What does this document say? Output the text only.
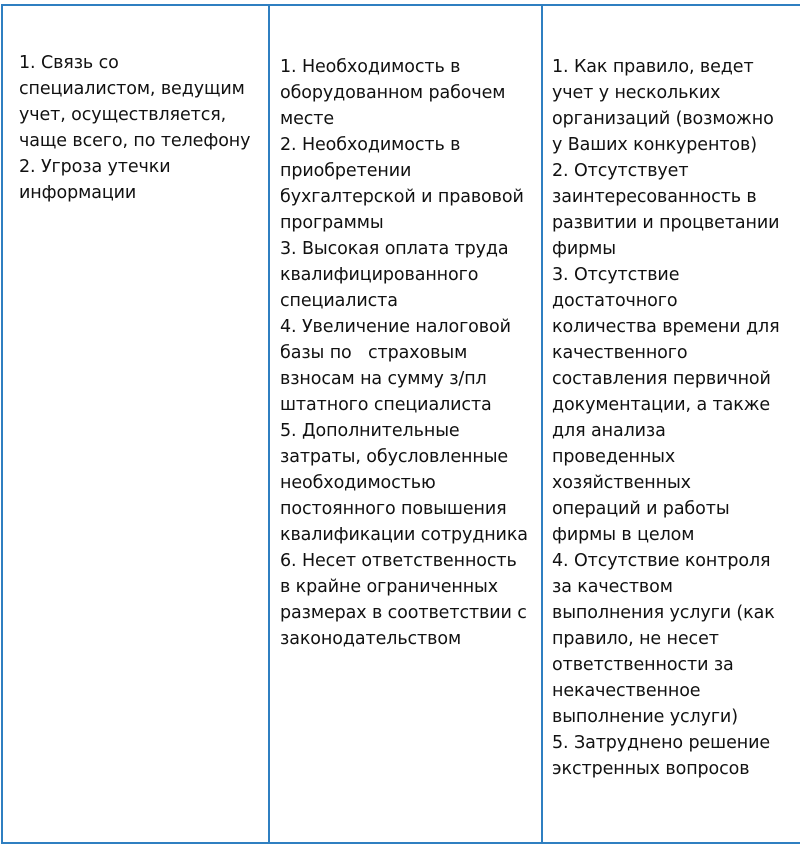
1. Связь со
специалистом, ведущим
учет, осуществляется,
чаще всего, по телефону
2. Угроза утечки
информации

1. Необходимость в
оборудованном рабочем
месте
2. Необходимость в
приобретении
бухгалтерской и правовой
программы
3. Высокая оплата труда
квалифицированного
специалиста
4. Увеличение налоговой
базы по   страховым
взносам на сумму з/пл
штатного специалиста
5. Дополнительные
затраты, обусловленные
необходимостью
постоянного повышения
квалификации сотрудника
6. Несет ответственность
в крайне ограниченных
размерах в соответствии с
законодательством

1. Как правило, ведет
учет у нескольких
организаций (возможно
у Ваших конкурентов)
2. Отсутствует
заинтересованность в
развитии и процветании
фирмы
3. Отсутствие
достаточного
количества времени для
качественного
составления первичной
документации, а также
для анализа
проведенных
хозяйственных
операций и работы
фирмы в целом
4. Отсутствие контроля
за качеством
выполнения услуги (как
правило, не несет
ответственности за
некачественное
выполнение услуги)
5. Затруднено решение
экстренных вопросов
